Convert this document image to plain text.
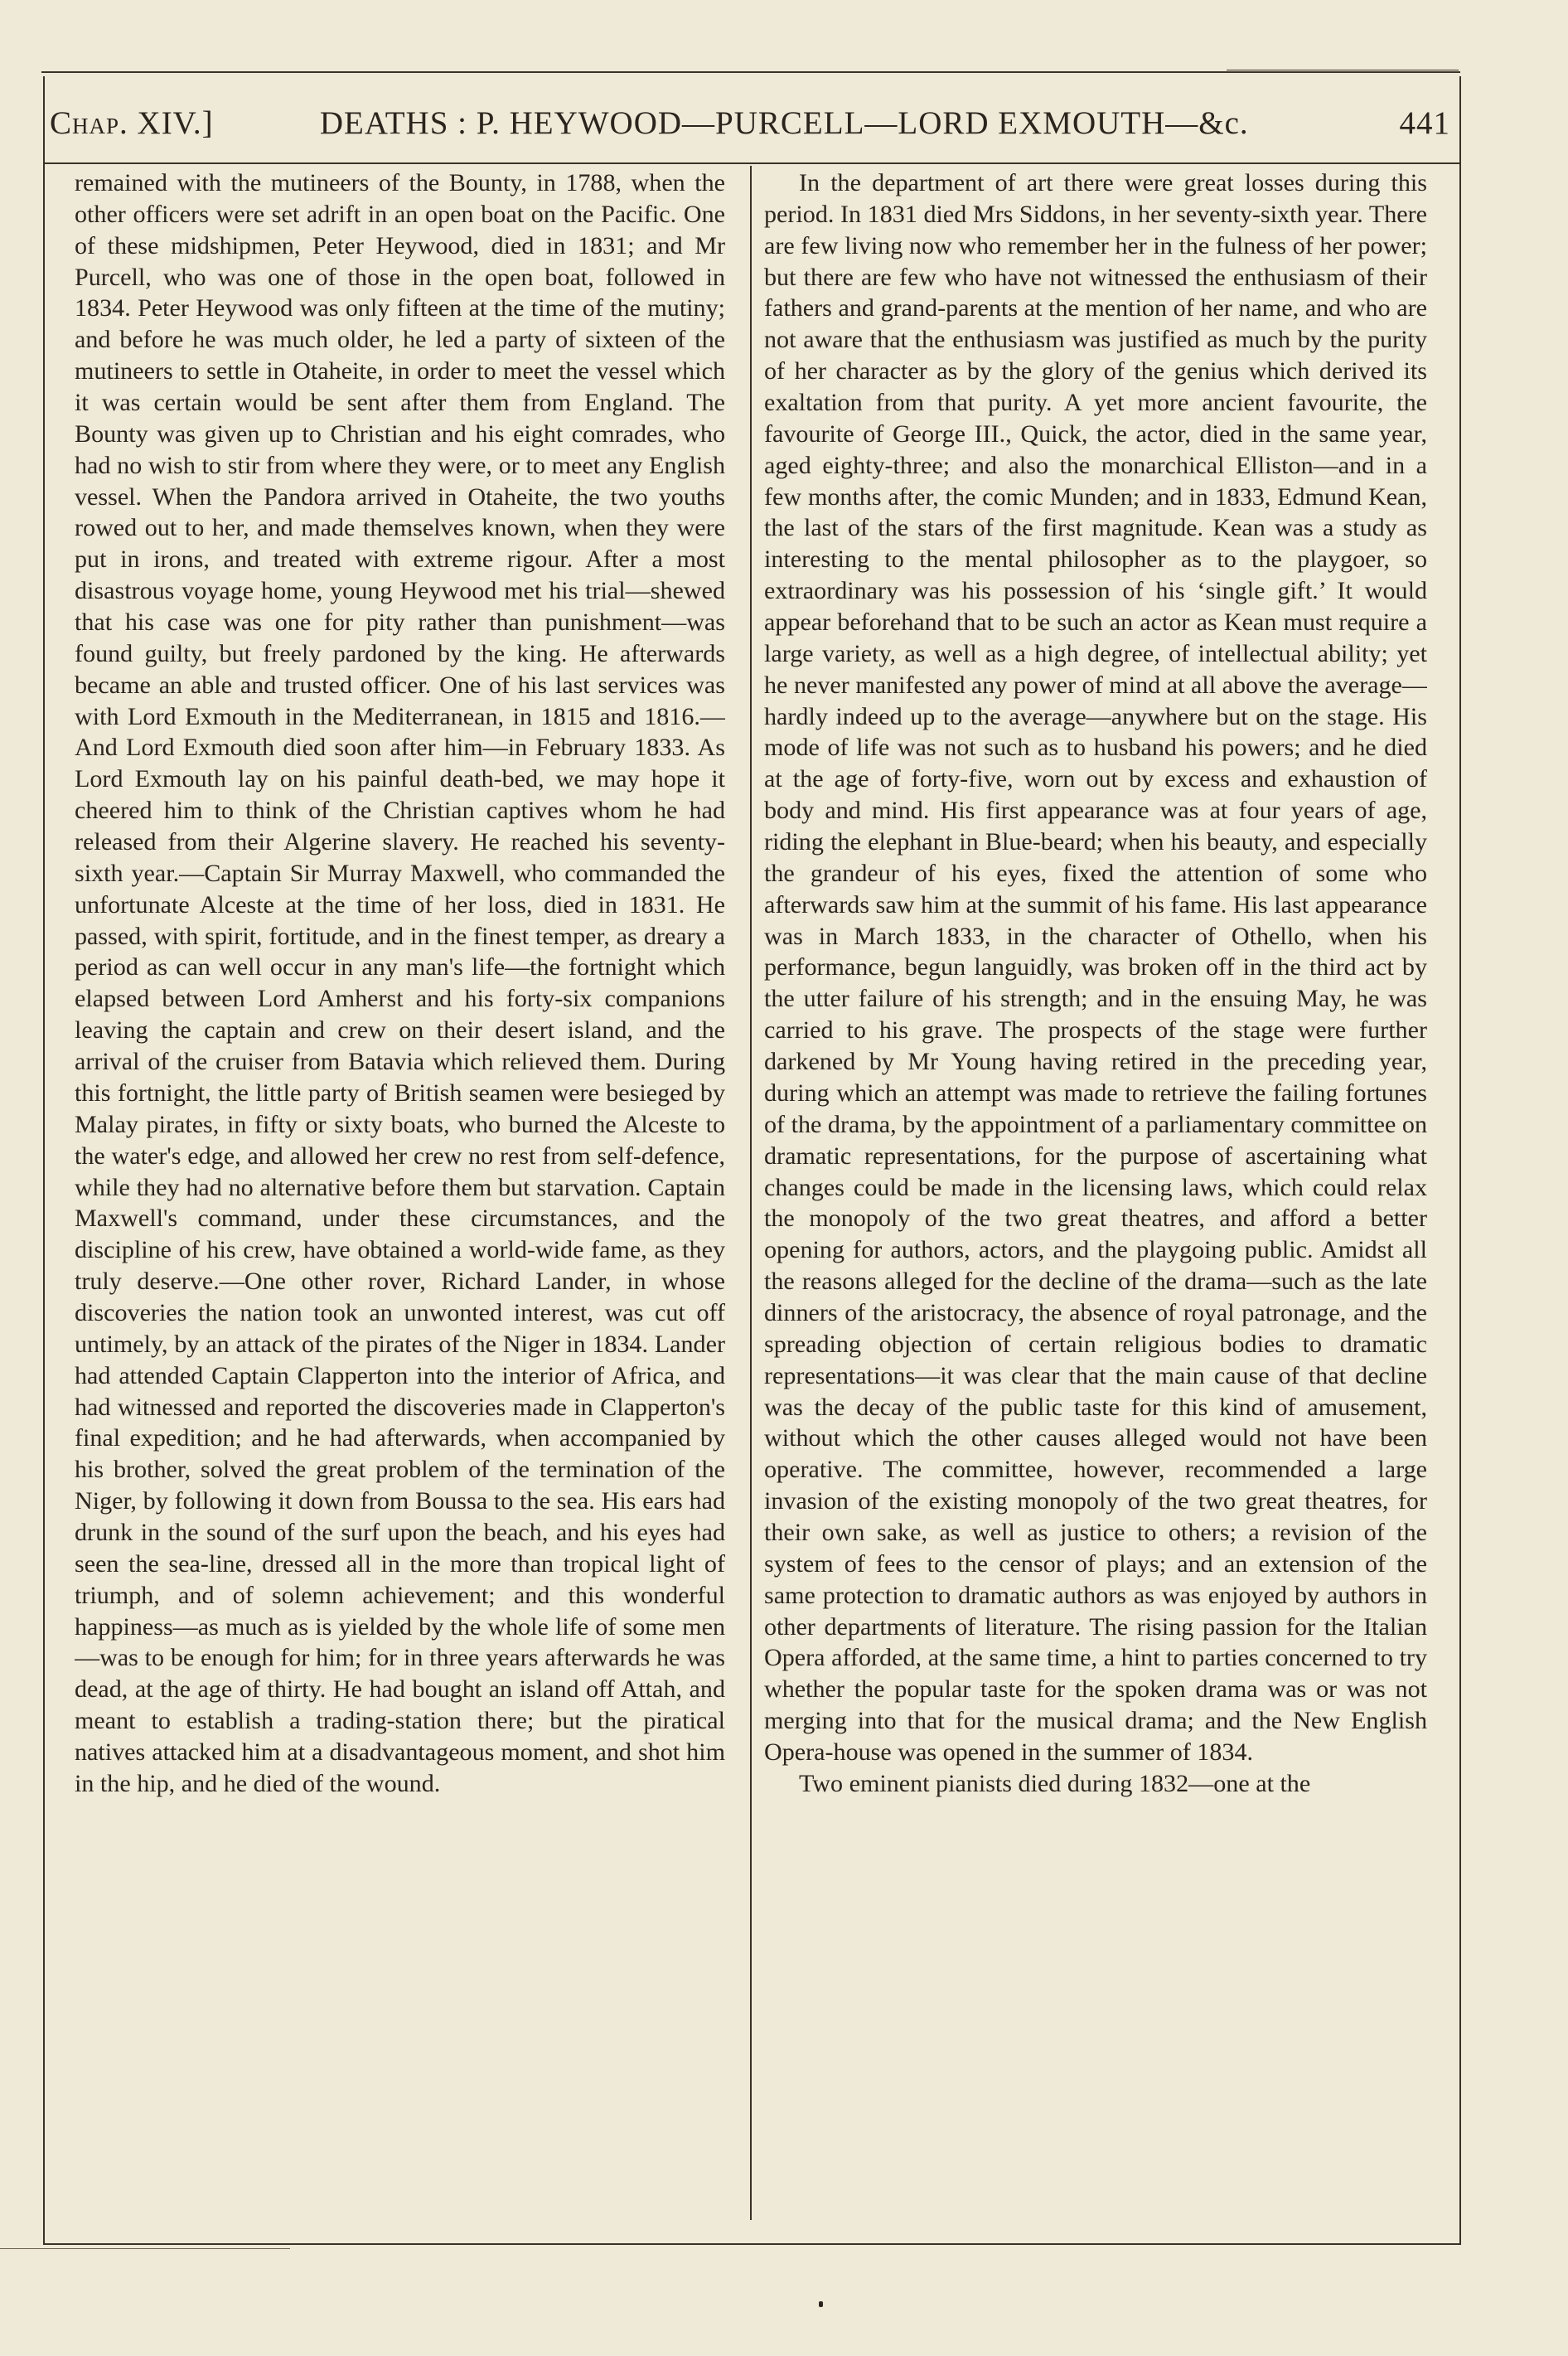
Chap. XIV.]	DEATHS : P. HEYWOOD—PURCELL—LORD EXMOUTH—&c.	441

remained with the mutineers of the Bounty, in 1788, when the other officers were set adrift in an open boat on the Pacific. One of these midshipmen, Peter Heywood, died in 1831; and Mr Purcell, who was one of those in the open boat, followed in 1834. Peter Heywood was only fifteen at the time of the mutiny; and before he was much older, he led a party of sixteen of the mutineers to settle in Otaheite, in order to meet the vessel which it was certain would be sent after them from England. The Bounty was given up to Christian and his eight comrades, who had no wish to stir from where they were, or to meet any English vessel. When the Pandora arrived in Otaheite, the two youths rowed out to her, and made themselves known, when they were put in irons, and treated with extreme rigour. After a most disastrous voyage home, young Heywood met his trial—shewed that his case was one for pity rather than punishment—was found guilty, but freely pardoned by the king. He afterwards became an able and trusted officer. One of his last services was with Lord Exmouth in the Mediterranean, in 1815 and 1816.—And Lord Exmouth died soon after him—in February 1833. As Lord Exmouth lay on his painful death-bed, we may hope it cheered him to think of the Christian captives whom he had released from their Algerine slavery. He reached his seventy-sixth year.—Captain Sir Murray Maxwell, who commanded the unfortunate Alceste at the time of her loss, died in 1831. He passed, with spirit, fortitude, and in the finest temper, as dreary a period as can well occur in any man's life—the fortnight which elapsed between Lord Amherst and his forty-six companions leaving the captain and crew on their desert island, and the arrival of the cruiser from Batavia which relieved them. During this fortnight, the little party of British seamen were besieged by Malay pirates, in fifty or sixty boats, who burned the Alceste to the water's edge, and allowed her crew no rest from self-defence, while they had no alternative before them but starvation. Captain Maxwell's command, under these circumstances, and the discipline of his crew, have obtained a world-wide fame, as they truly deserve.—One other rover, Richard Lander, in whose discoveries the nation took an unwonted interest, was cut off untimely, by an attack of the pirates of the Niger in 1834. Lander had attended Captain Clapperton into the interior of Africa, and had witnessed and reported the discoveries made in Clapperton's final expedition; and he had afterwards, when accompanied by his brother, solved the great problem of the termination of the Niger, by following it down from Boussa to the sea. His ears had drunk in the sound of the surf upon the beach, and his eyes had seen the sea-line, dressed all in the more than tropical light of triumph, and of solemn achievement; and this wonderful happiness—as much as is yielded by the whole life of some men—was to be enough for him; for in three years afterwards he was dead, at the age of thirty. He had bought an island off Attah, and meant to establish a trading-station there; but the piratical natives attacked him at a disadvantageous moment, and shot him in the hip, and he died of the wound.

In the department of art there were great losses during this period. In 1831 died Mrs Siddons, in her seventy-sixth year. There are few living now who remember her in the fulness of her power; but there are few who have not witnessed the enthusiasm of their fathers and grand-parents at the mention of her name, and who are not aware that the enthusiasm was justified as much by the purity of her character as by the glory of the genius which derived its exaltation from that purity. A yet more ancient favourite, the favourite of George III., Quick, the actor, died in the same year, aged eighty-three; and also the monarchical Elliston—and in a few months after, the comic Munden; and in 1833, Edmund Kean, the last of the stars of the first magnitude. Kean was a study as interesting to the mental philosopher as to the playgoer, so extraordinary was his possession of his ‘single gift.’ It would appear beforehand that to be such an actor as Kean must require a large variety, as well as a high degree, of intellectual ability; yet he never manifested any power of mind at all above the average—hardly indeed up to the average—anywhere but on the stage. His mode of life was not such as to husband his powers; and he died at the age of forty-five, worn out by excess and exhaustion of body and mind. His first appearance was at four years of age, riding the elephant in Blue-beard; when his beauty, and especially the grandeur of his eyes, fixed the attention of some who afterwards saw him at the summit of his fame. His last appearance was in March 1833, in the character of Othello, when his performance, begun languidly, was broken off in the third act by the utter failure of his strength; and in the ensuing May, he was carried to his grave. The prospects of the stage were further darkened by Mr Young having retired in the preceding year, during which an attempt was made to retrieve the failing fortunes of the drama, by the appointment of a parliamentary committee on dramatic representations, for the purpose of ascertaining what changes could be made in the licensing laws, which could relax the monopoly of the two great theatres, and afford a better opening for authors, actors, and the playgoing public. Amidst all the reasons alleged for the decline of the drama—such as the late dinners of the aristocracy, the absence of royal patronage, and the spreading objection of certain religious bodies to dramatic representations—it was clear that the main cause of that decline was the decay of the public taste for this kind of amusement, without which the other causes alleged would not have been operative. The committee, however, recommended a large invasion of the existing monopoly of the two great theatres, for their own sake, as well as justice to others; a revision of the system of fees to the censor of plays; and an extension of the same protection to dramatic authors as was enjoyed by authors in other departments of literature. The rising passion for the Italian Opera afforded, at the same time, a hint to parties concerned to try whether the popular taste for the spoken drama was or was not merging into that for the musical drama; and the New English Opera-house was opened in the summer of 1834.

Two eminent pianists died during 1832—one at the
